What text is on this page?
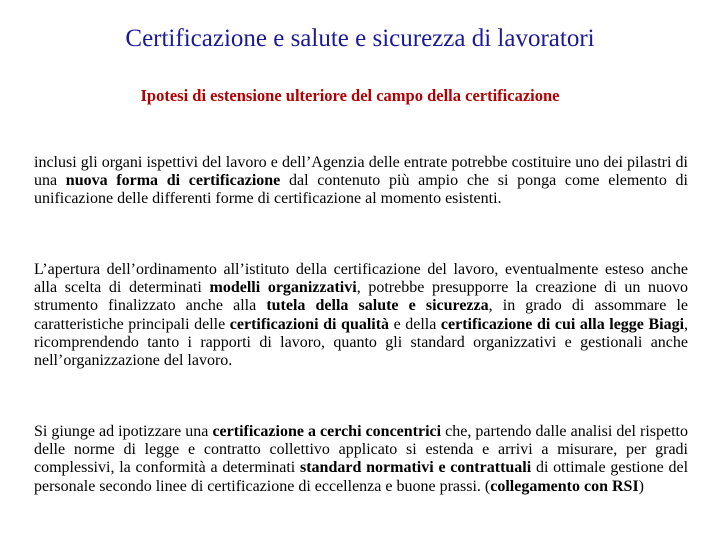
Certificazione e salute e sicurezza di lavoratori
Ipotesi di estensione ulteriore del campo della certificazione

inclusi gli organi ispettivi del lavoro e dell’Agenzia delle entrate potrebbe costituire uno dei pilastri di una nuova forma di certificazione dal contenuto più ampio che si ponga come elemento di unificazione delle differenti forme di certificazione al momento esistenti.

L’apertura dell’ordinamento all’istituto della certificazione del lavoro, eventualmente esteso anche alla scelta di determinati modelli organizzativi, potrebbe presupporre la creazione di un nuovo strumento finalizzato anche alla tutela della salute e sicurezza, in grado di assommare le caratteristiche principali delle certificazioni di qualità e della certificazione di cui alla legge Biagi, ricomprendendo tanto i rapporti di lavoro, quanto gli standard organizzativi e gestionali anche nell’organizzazione del lavoro.

Si giunge ad ipotizzare una certificazione a cerchi concentrici che, partendo dalle analisi del rispetto delle norme di legge e contratto collettivo applicato si estenda e arrivi a misurare, per gradi complessivi, la conformità a determinati standard normativi e contrattuali di ottimale gestione del personale secondo linee di certificazione di eccellenza e buone prassi. (collegamento con RSI)
